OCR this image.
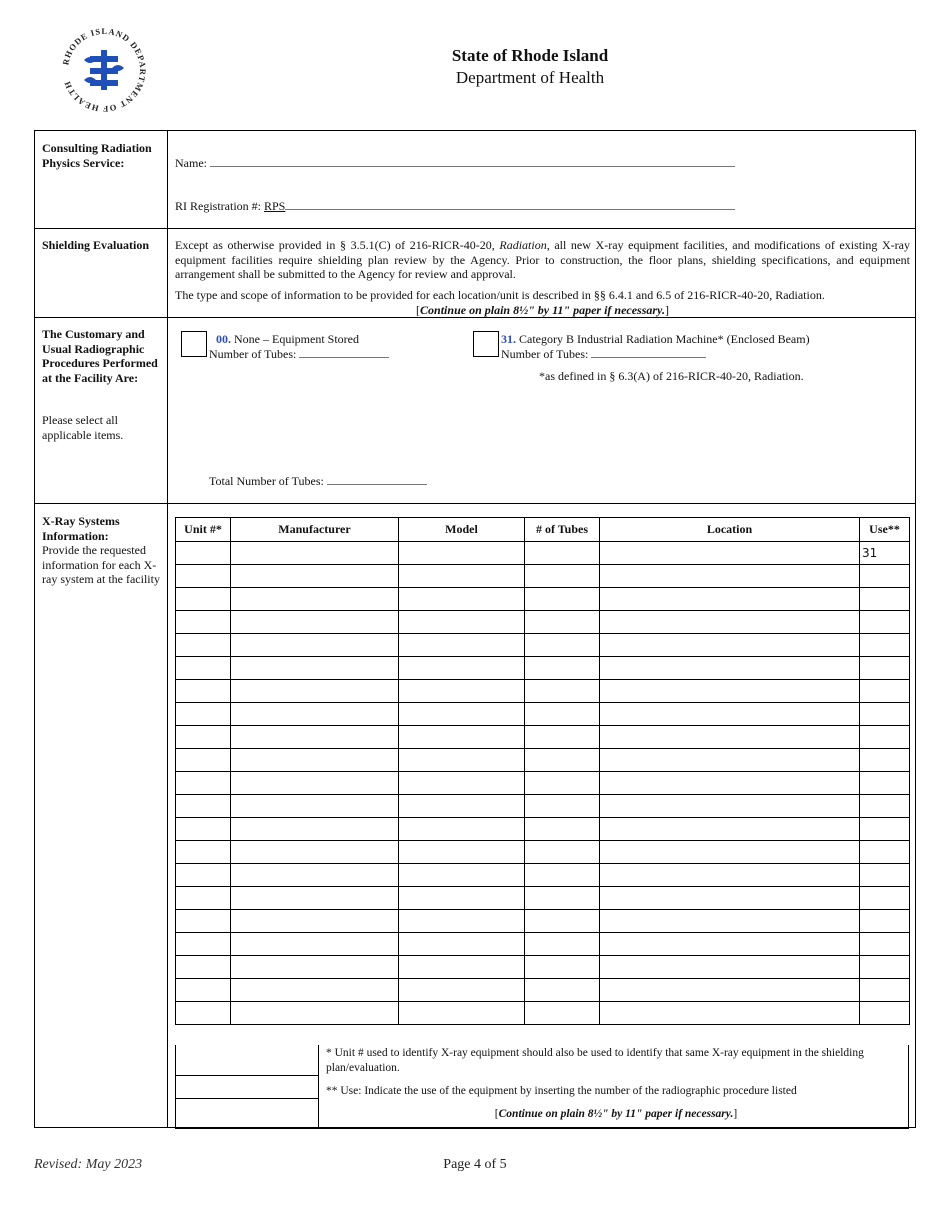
RHODE ISLAND DEPARTMENT OF HEALTH
State of Rhode Island
Department of Health
Consulting Radiation Physics Service:	Name:
RI Registration #: RPS
Shielding Evaluation	Except as otherwise provided in § 3.5.1(C) of 216-RICR-40-20, Radiation, all new X-ray equipment facilities, and modifications of existing X-ray equipment facilities require shielding plan review by the Agency. Prior to construction, the floor plans, shielding specifications, and equipment arrangement shall be submitted to the Agency for review and approval.
The type and scope of information to be provided for each location/unit is described in §§ 6.4.1 and 6.5 of 216-RICR-40-20, Radiation.
[Continue on plain 8½" by 11" paper if necessary.]
The Customary and Usual Radiographic Procedures Performed at the Facility Are:
Please select all applicable items.
00. None – Equipment Stored
Number of Tubes:
31. Category B Industrial Radiation Machine* (Enclosed Beam)
Number of Tubes:
*as defined in § 6.3(A) of 216-RICR-40-20, Radiation.
Total Number of Tubes:
X-Ray Systems Information:
Provide the requested information for each X-ray system at the facility
Unit #*	Manufacturer	Model	# of Tubes	Location	Use**
					31

* Unit # used to identify X-ray equipment should also be used to identify that same X-ray equipment in the shielding plan/evaluation.
** Use: Indicate the use of the equipment by inserting the number of the radiographic procedure listed
[Continue on plain 8½" by 11" paper if necessary.]
Revised: May 2023	Page 4 of 5
